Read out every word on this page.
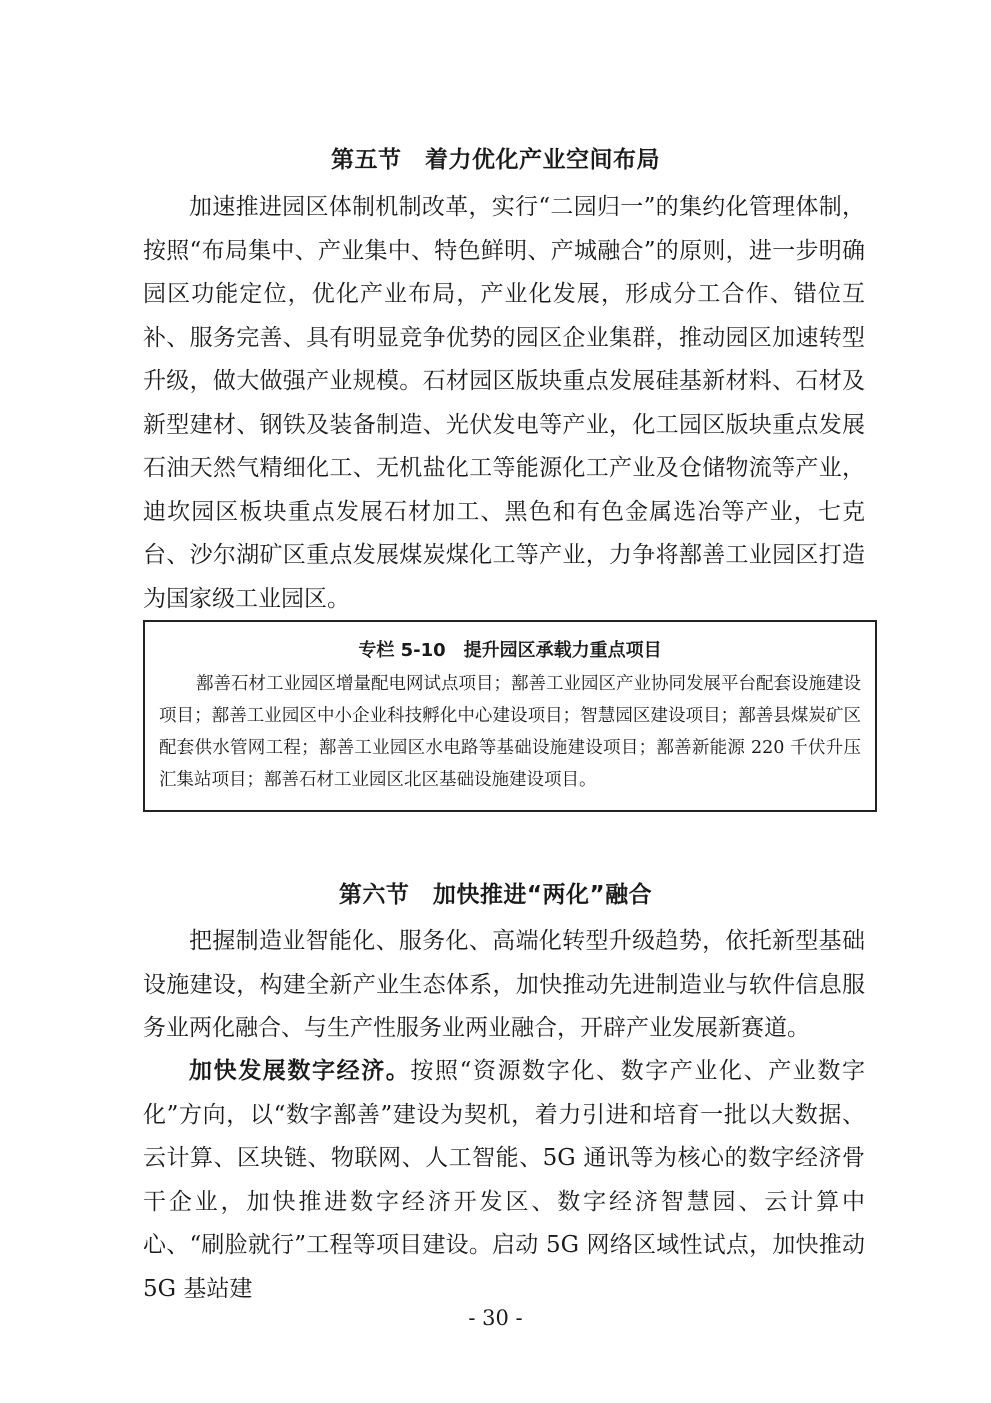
第五节　着力优化产业空间布局

加速推进园区体制机制改革，实行“二园归一”的集约化管理体制，按照“布局集中、产业集中、特色鲜明、产城融合”的原则，进一步明确园区功能定位，优化产业布局，产业化发展，形成分工合作、错位互补、服务完善、具有明显竞争优势的园区企业集群，推动园区加速转型升级，做大做强产业规模。石材园区版块重点发展硅基新材料、石材及新型建材、钢铁及装备制造、光伏发电等产业，化工园区版块重点发展石油天然气精细化工、无机盐化工等能源化工产业及仓储物流等产业，迪坎园区板块重点发展石材加工、黑色和有色金属选冶等产业，七克台、沙尔湖矿区重点发展煤炭煤化工等产业，力争将鄯善工业园区打造为国家级工业园区。

专栏 5-10　提升园区承载力重点项目

鄯善石材工业园区增量配电网试点项目；鄯善工业园区产业协同发展平台配套设施建设项目；鄯善工业园区中小企业科技孵化中心建设项目；智慧园区建设项目；鄯善县煤炭矿区配套供水管网工程；鄯善工业园区水电路等基础设施建设项目；鄯善新能源 220 千伏升压汇集站项目；鄯善石材工业园区北区基础设施建设项目。

第六节　加快推进“两化”融合

把握制造业智能化、服务化、高端化转型升级趋势，依托新型基础设施建设，构建全新产业生态体系，加快推动先进制造业与软件信息服务业两化融合、与生产性服务业两业融合，开辟产业发展新赛道。

加快发展数字经济。按照“资源数字化、数字产业化、产业数字化”方向，以“数字鄯善”建设为契机，着力引进和培育一批以大数据、云计算、区块链、物联网、人工智能、5G 通讯等为核心的数字经济骨干企业，加快推进数字经济开发区、数字经济智慧园、云计算中心、“刷脸就行”工程等项目建设。启动 5G 网络区域性试点，加快推动 5G 基站建

- 30 -
